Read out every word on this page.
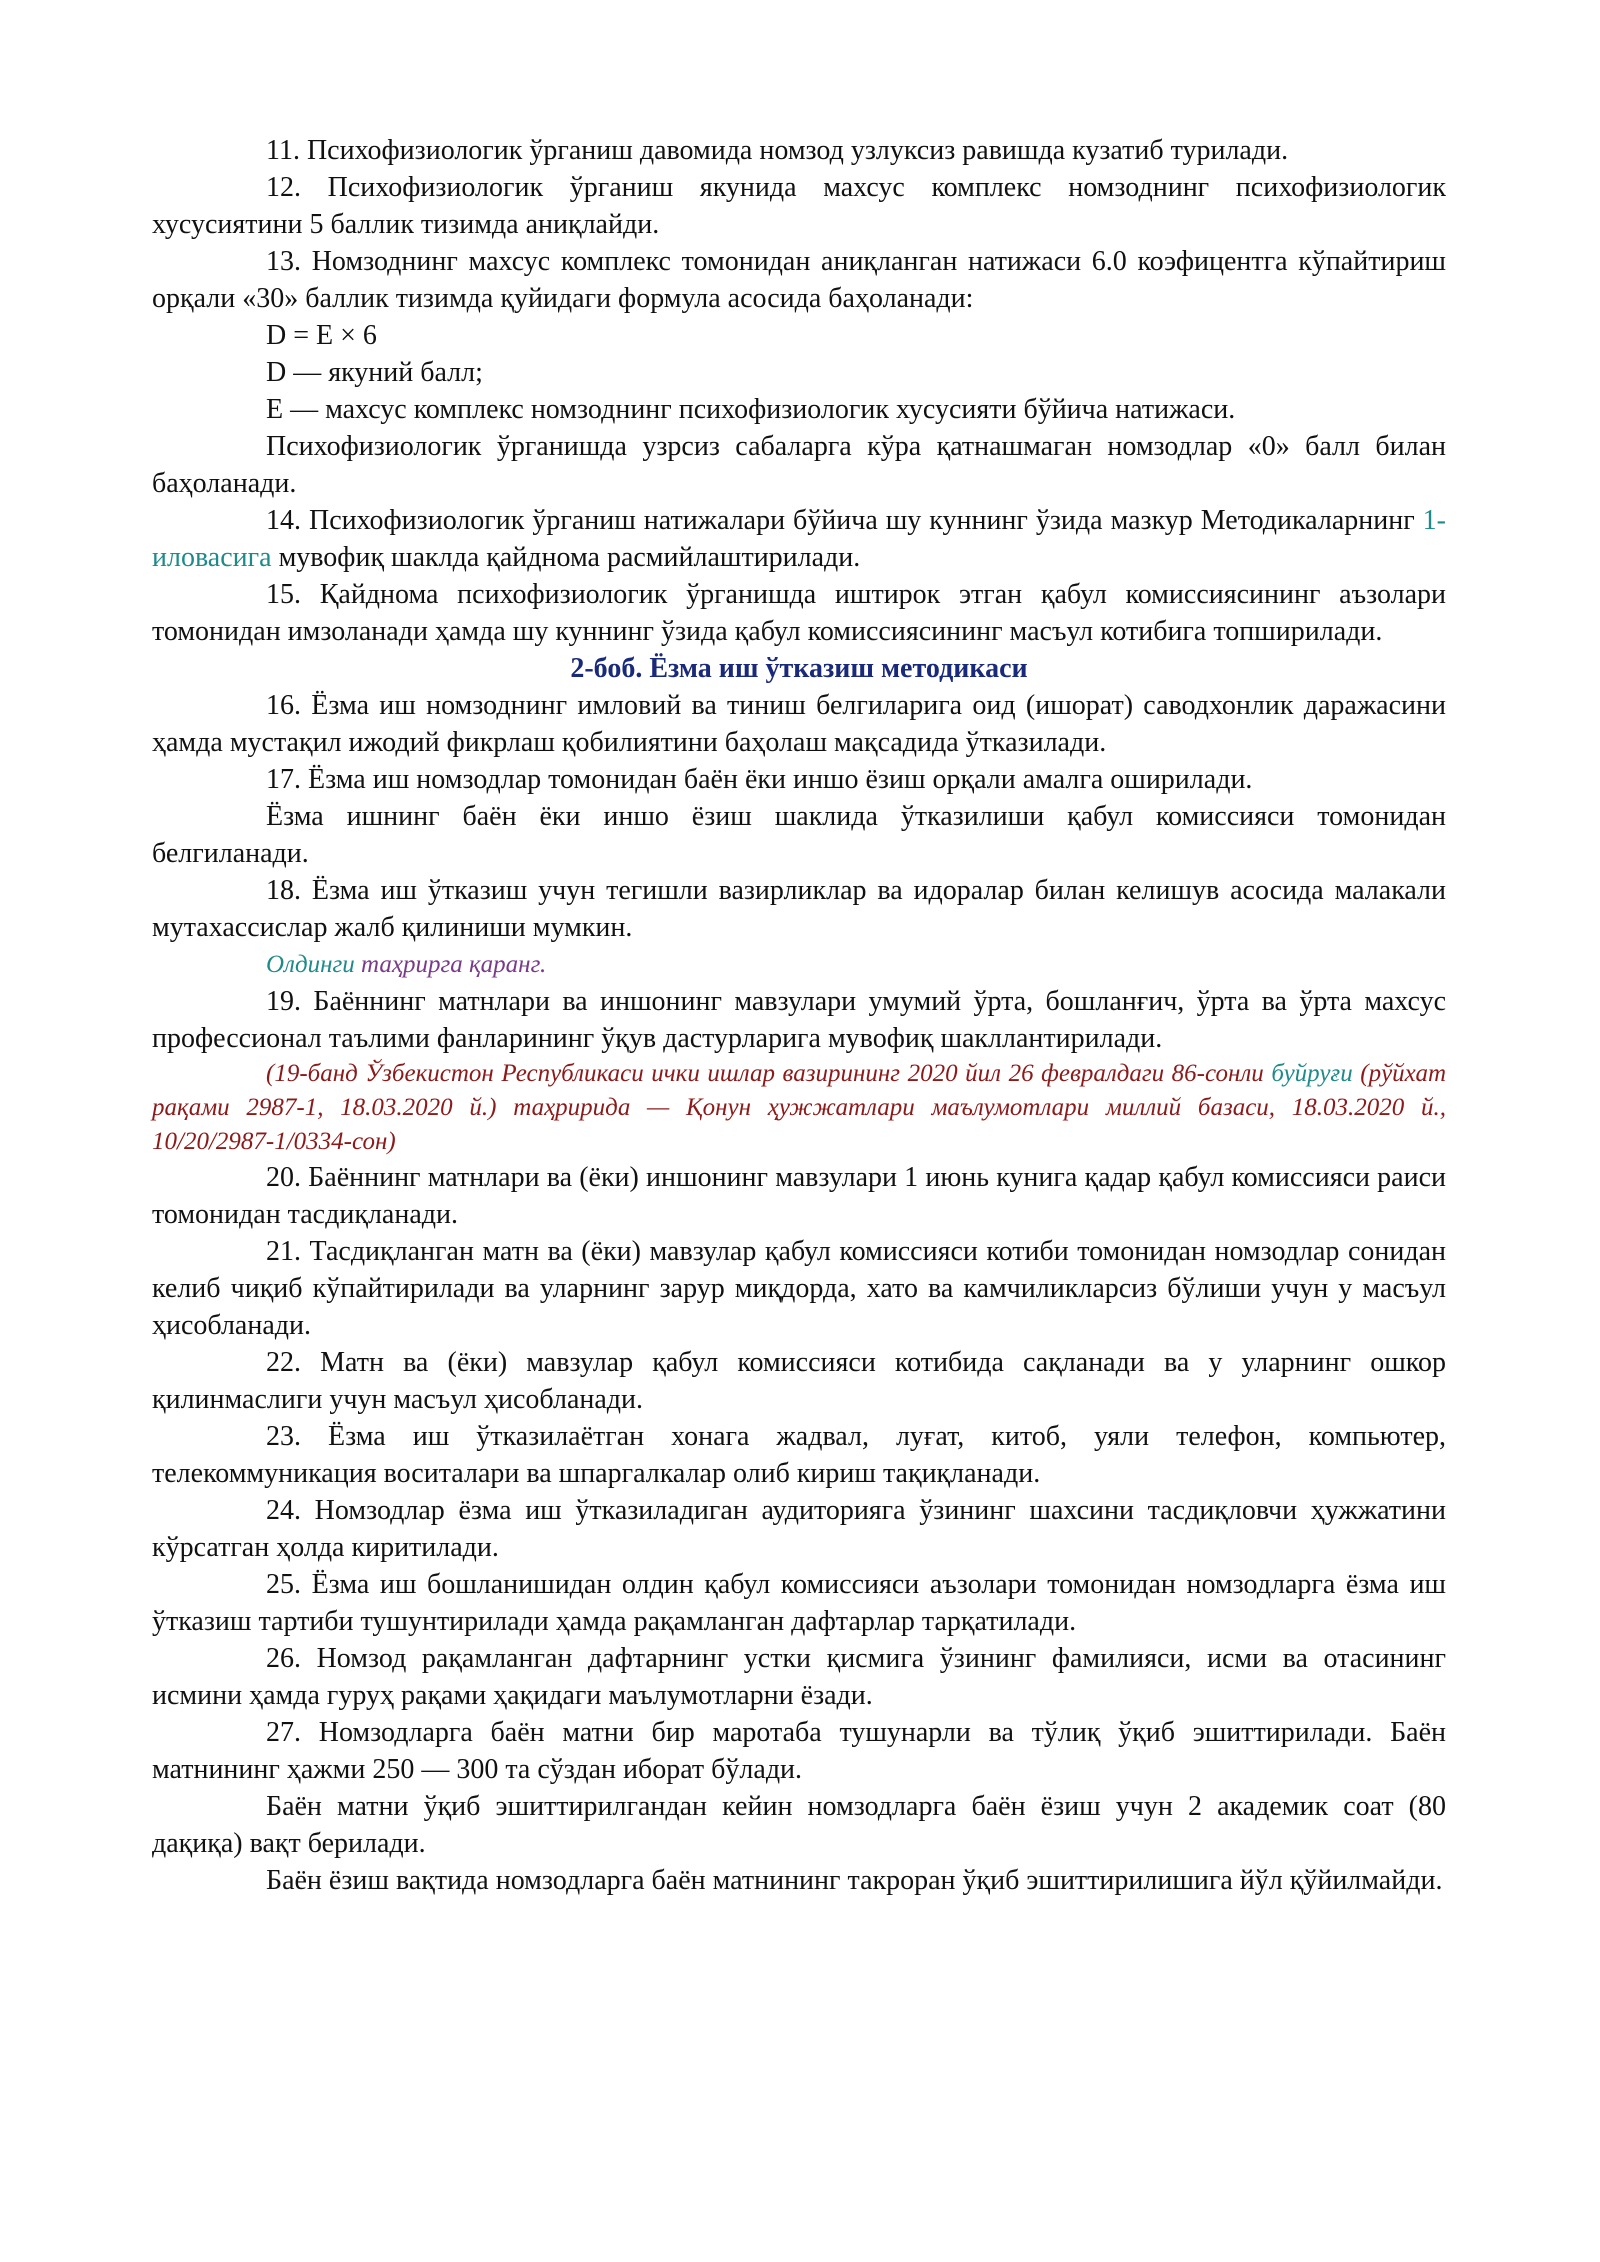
11. Психофизиологик ўрганиш давомида номзод узлуксиз равишда кузатиб турилади.

12. Психофизиологик ўрганиш якунида махсус комплекс номзоднинг психофизиологик хусусиятини 5 баллик тизимда аниқлайди.

13. Номзоднинг махсус комплекс томонидан аниқланган натижаси 6.0 коэфицентга кўпайтириш орқали «30» баллик тизимда қуйидаги формула асосида баҳоланади:

D = E × 6

D — якуний балл;

E — махсус комплекс номзоднинг психофизиологик хусусияти бўйича натижаси.

Психофизиологик ўрганишда узрсиз сабаларга кўра қатнашмаган номзодлар «0» балл билан баҳоланади.

14. Психофизиологик ўрганиш натижалари бўйича шу куннинг ўзида мазкур Методикаларнинг 1-иловасига мувофиқ шаклда қайднома расмийлаштирилади.

15. Қайднома психофизиологик ўрганишда иштирок этган қабул комиссиясининг аъзолари томонидан имзоланади ҳамда шу куннинг ўзида қабул комиссиясининг масъул котибига топширилади.

2-боб. Ёзма иш ўтказиш методикаси

16. Ёзма иш номзоднинг имловий ва тиниш белгиларига оид (ишорат) саводхонлик даражасини ҳамда мустақил ижодий фикрлаш қобилиятини баҳолаш мақсадида ўтказилади.

17. Ёзма иш номзодлар томонидан баён ёки иншо ёзиш орқали амалга оширилади.

Ёзма ишнинг баён ёки иншо ёзиш шаклида ўтказилиши қабул комиссияси томонидан белгиланади.

18. Ёзма иш ўтказиш учун тегишли вазирликлар ва идоралар билан келишув асосида малакали мутахассислар жалб қилиниши мумкин.

Олдинги таҳрирга қаранг.

19. Баённинг матнлари ва иншонинг мавзулари умумий ўрта, бошланғич, ўрта ва ўрта махсус профессионал таълими фанларининг ўқув дастурларига мувофиқ шакллантирилади.

(19-банд Ўзбекистон Республикаси ички ишлар вазирининг 2020 йил 26 февралдаги 86-сонли буйруғи (рўйхат рақами 2987-1, 18.03.2020 й.) таҳририда — Қонун ҳужжатлари маълумотлари миллий базаси, 18.03.2020 й., 10/20/2987-1/0334-сон)

20. Баённинг матнлари ва (ёки) иншонинг мавзулари 1 июнь кунига қадар қабул комиссияси раиси томонидан тасдиқланади.

21. Тасдиқланган матн ва (ёки) мавзулар қабул комиссияси котиби томонидан номзодлар сонидан келиб чиқиб кўпайтирилади ва уларнинг зарур миқдорда, хато ва камчиликларсиз бўлиши учун у масъул ҳисобланади.

22. Матн ва (ёки) мавзулар қабул комиссияси котибида сақланади ва у уларнинг ошкор қилинмаслиги учун масъул ҳисобланади.

23. Ёзма иш ўтказилаётган хонага жадвал, луғат, китоб, уяли телефон, компьютер, телекоммуникация воситалари ва шпаргалкалар олиб кириш тақиқланади.

24. Номзодлар ёзма иш ўтказиладиган аудиторияга ўзининг шахсини тасдиқловчи ҳужжатини кўрсатган ҳолда киритилади.

25. Ёзма иш бошланишидан олдин қабул комиссияси аъзолари томонидан номзодларга ёзма иш ўтказиш тартиби тушунтирилади ҳамда рақамланган дафтарлар тарқатилади.

26. Номзод рақамланган дафтарнинг устки қисмига ўзининг фамилияси, исми ва отасининг исмини ҳамда гуруҳ рақами ҳақидаги маълумотларни ёзади.

27. Номзодларга баён матни бир маротаба тушунарли ва тўлиқ ўқиб эшиттирилади. Баён матнининг ҳажми 250 — 300 та сўздан иборат бўлади.

Баён матни ўқиб эшиттирилгандан кейин номзодларга баён ёзиш учун 2 академик соат (80 дақиқа) вақт берилади.

Баён ёзиш вақтида номзодларга баён матнининг такроран ўқиб эшиттирилишига йўл қўйилмайди.
